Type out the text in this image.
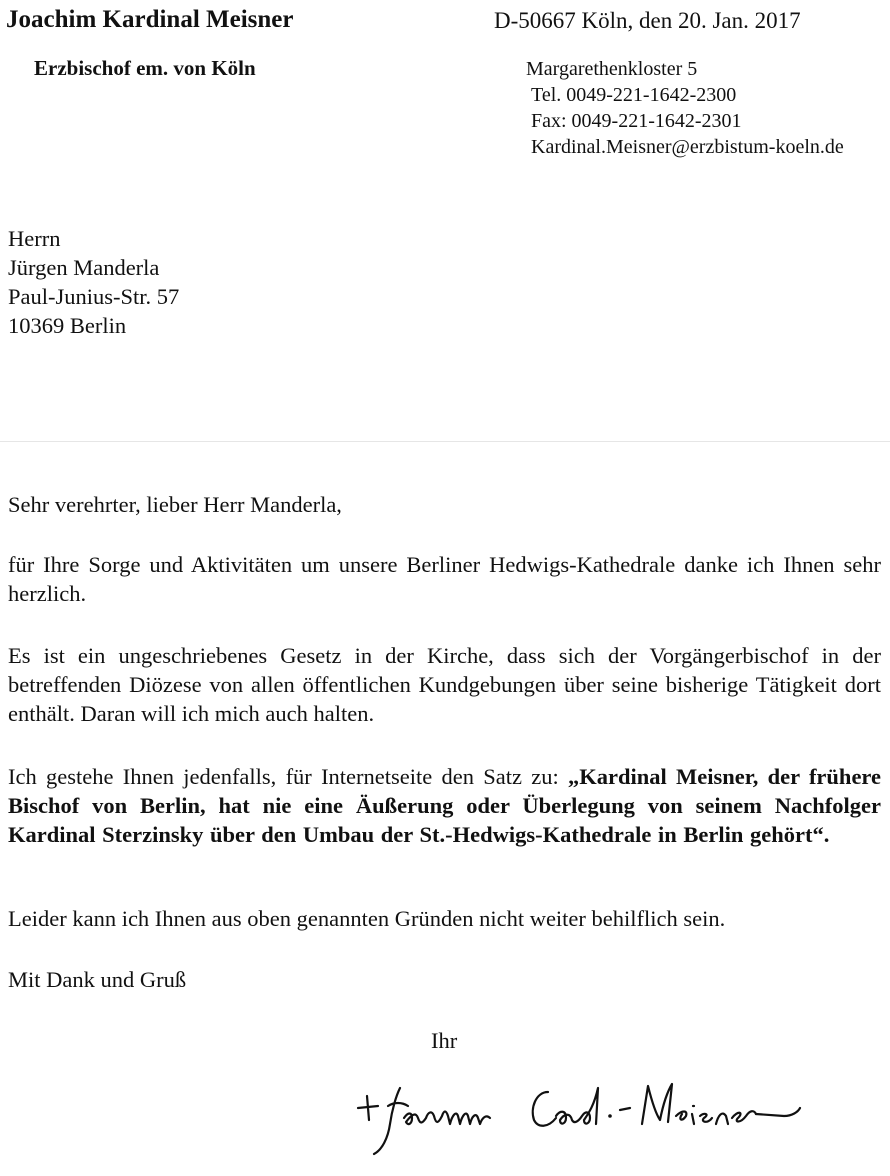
Joachim Kardinal Meisner
Erzbischof em. von Köln
D-50667 Köln, den 20. Jan. 2017
Margarethenkloster 5
Tel. 0049-221-1642-2300
Fax: 0049-221-1642-2301
Kardinal.Meisner@erzbistum-koeln.de
Herrn
Jürgen Manderla
Paul-Junius-Str. 57
10369 Berlin
Sehr verehrter, lieber Herr Manderla,
für Ihre Sorge und Aktivitäten um unsere Berliner Hedwigs-Kathedrale danke ich Ihnen sehr herzlich.
Es ist ein ungeschriebenes Gesetz in der Kirche, dass sich der Vorgängerbischof in der betreffenden Diözese von allen öffentlichen Kundgebungen über seine bisherige Tätigkeit dort enthält. Daran will ich mich auch halten.
Ich gestehe Ihnen jedenfalls, für Internetseite den Satz zu: „Kardinal Meisner, der frühere Bischof von Berlin, hat nie eine Äußerung oder Überlegung von seinem Nachfolger Kardinal Sterzinsky über den Umbau der St.-Hedwigs-Kathedrale in Berlin gehört“.
Leider kann ich Ihnen aus oben genannten Gründen nicht weiter behilflich sein.
Mit Dank und Gruß
Ihr
